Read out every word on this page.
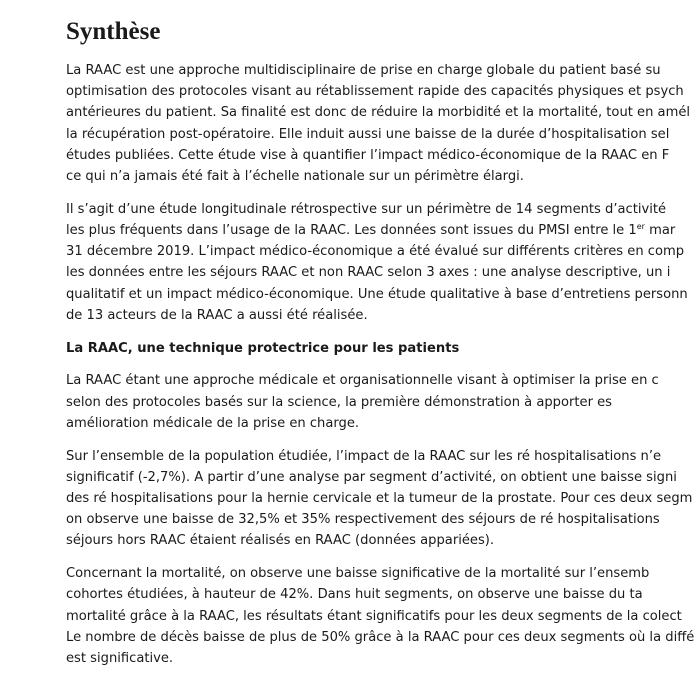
Synthèse

La RAAC est une approche multidisciplinaire de prise en charge globale du patient basé su
optimisation des protocoles visant au rétablissement rapide des capacités physiques et psych
antérieures du patient. Sa finalité est donc de réduire la morbidité et la mortalité, tout en amél
la récupération post-opératoire. Elle induit aussi une baisse de la durée d’hospitalisation sel
études publiées. Cette étude vise à quantifier l’impact médico-économique de la RAAC en F
ce qui n’a jamais été fait à l’échelle nationale sur un périmètre élargi.

Il s’agit d’une étude longitudinale rétrospective sur un périmètre de 14 segments d’activité
les plus fréquents dans l’usage de la RAAC. Les données sont issues du PMSI entre le 1er mar
31 décembre 2019. L’impact médico-économique a été évalué sur différents critères en comp
les données entre les séjours RAAC et non RAAC selon 3 axes : une analyse descriptive, un i
qualitatif et un impact médico-économique. Une étude qualitative à base d’entretiens personn
de 13 acteurs de la RAAC a aussi été réalisée.

La RAAC, une technique protectrice pour les patients

La RAAC étant une approche médicale et organisationnelle visant à optimiser la prise en c
selon des protocoles basés sur la science, la première démonstration à apporter es
amélioration médicale de la prise en charge.

Sur l’ensemble de la population étudiée, l’impact de la RAAC sur les ré hospitalisations n’e
significatif (-2,7%). A partir d’une analyse par segment d’activité, on obtient une baisse signi
des ré hospitalisations pour la hernie cervicale et la tumeur de la prostate. Pour ces deux segm
on observe une baisse de 32,5% et 35% respectivement des séjours de ré hospitalisations
séjours hors RAAC étaient réalisés en RAAC (données appariées).

Concernant la mortalité, on observe une baisse significative de la mortalité sur l’ensemb
cohortes étudiées, à hauteur de 42%. Dans huit segments, on observe une baisse du ta
mortalité grâce à la RAAC, les résultats étant significatifs pour les deux segments de la colect
Le nombre de décès baisse de plus de 50% grâce à la RAAC pour ces deux segments où la diffé
est significative.
